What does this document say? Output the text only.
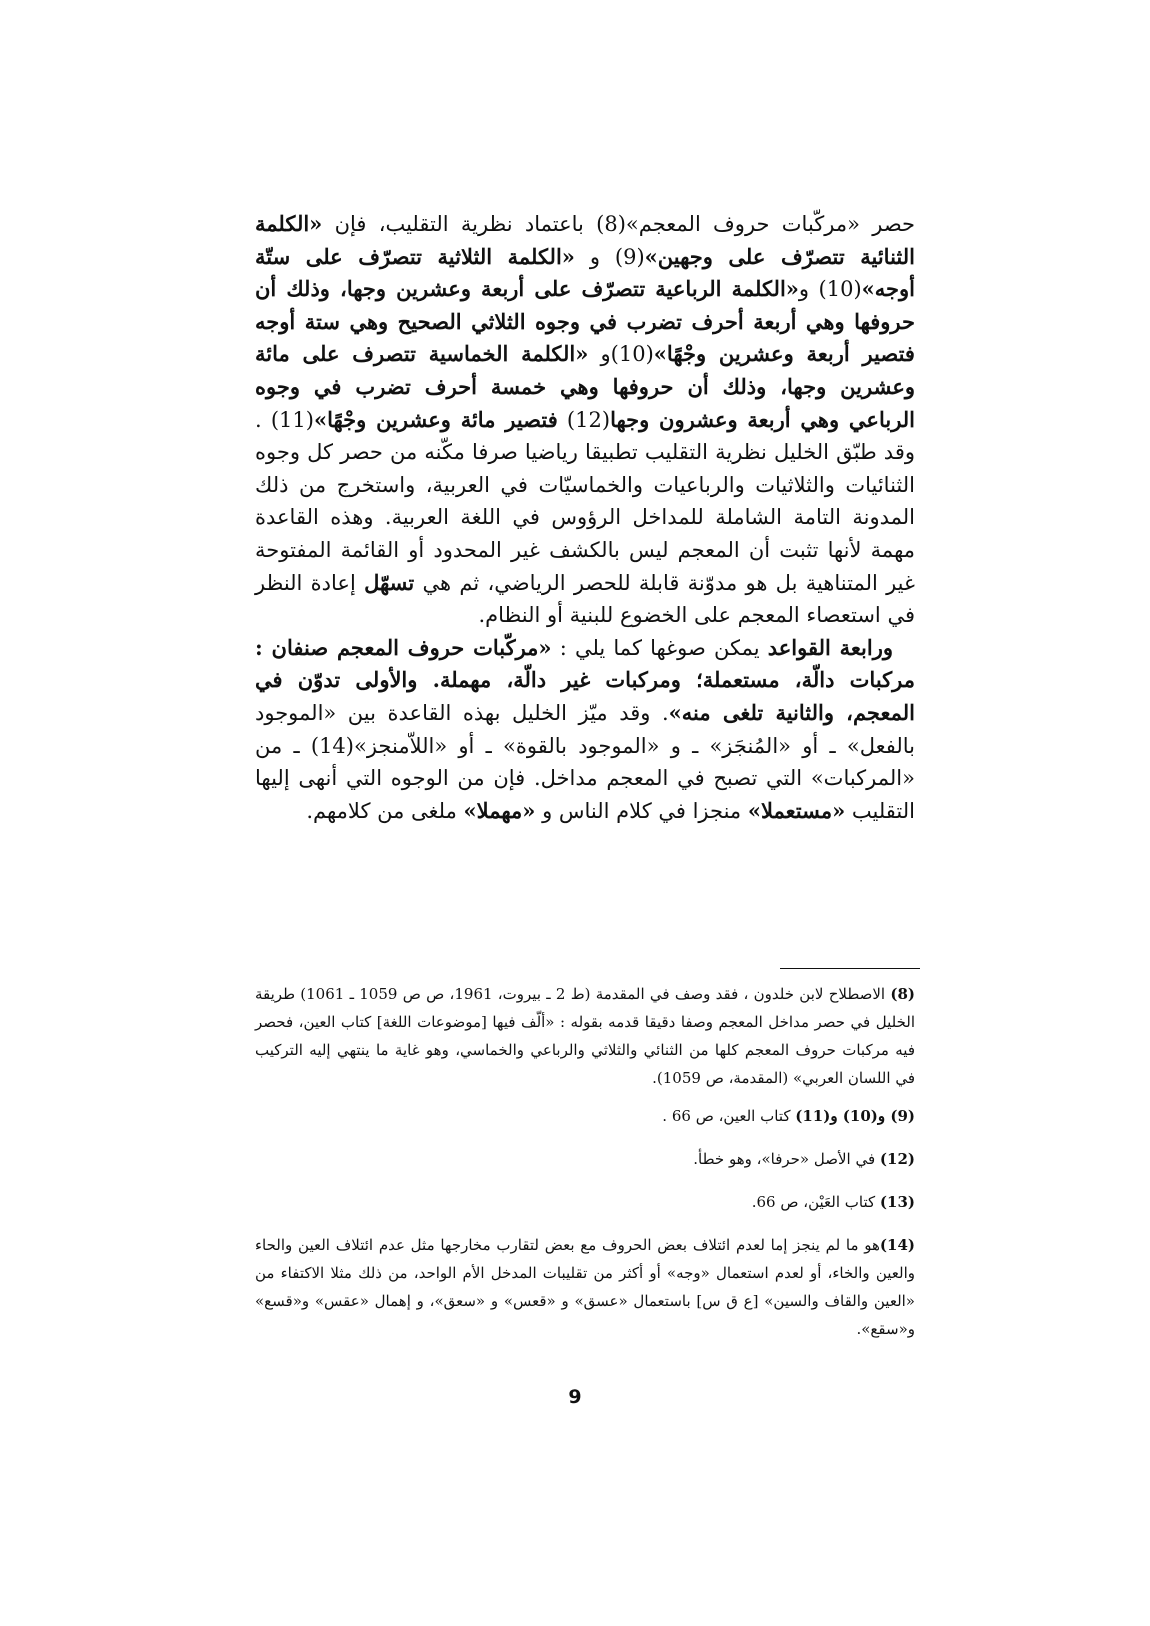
حصر «مركّبات حروف المعجم»(8) باعتماد نظرية التقليب، فإن «الكلمة الثنائية تتصرّف على وجهين»(9) و «الكلمة الثلاثية تتصرّف على ستّة أوجه»(10) و«الكلمة الرباعية تتصرّف على أربعة وعشرين وجها، وذلك أن حروفها وهي أربعة أحرف تضرب في وجوه الثلاثي الصحيح وهي ستة أوجه فتصير أربعة وعشرين وجْهًا»(10)و «الكلمة الخماسية تتصرف على مائة وعشرين وجها، وذلك أن حروفها وهي خمسة أحرف تضرب في وجوه الرباعي وهي أربعة وعشرون وجها(12) فتصير مائة وعشرين وجْهًا»(11) . وقد طبّق الخليل نظرية التقليب تطبيقا رياضيا صرفا مكّنه من حصر كل وجوه الثنائيات والثلاثيات والرباعيات والخماسيّات في العربية، واستخرج من ذلك المدونة التامة الشاملة للمداخل الرؤوس في اللغة العربية. وهذه القاعدة مهمة لأنها تثبت أن المعجم ليس بالكشف غير المحدود أو القائمة المفتوحة غير المتناهية بل هو مدوّنة قابلة للحصر الرياضي، ثم هي تسهّل إعادة النظر في استعصاء المعجم على الخضوع للبنية أو النظام.

ورابعة القواعد يمكن صوغها كما يلي : «مركّبات حروف المعجم صنفان : مركبات دالّة، مستعملة؛ ومركبات غير دالّة، مهملة. والأولى تدوّن في المعجم، والثانية تلغى منه». وقد ميّز الخليل بهذه القاعدة بين «الموجود بالفعل» ـ أو «المُنجَز» ـ و «الموجود بالقوة» ـ أو «اللاّمنجز»(14) ـ من «المركبات» التي تصبح في المعجم مداخل. فإن من الوجوه التي أنهى إليها التقليب «مستعملا» منجزا في كلام الناس و «مهملا» ملغى من كلامهم.

(8) الاصطلاح لابن خلدون ، فقد وصف في المقدمة (ط 2 ـ بيروت، 1961، ص ص 1059 ـ 1061) طريقة الخليل في حصر مداخل المعجم وصفا دقيقا قدمه بقوله : «ألّف فيها [موضوعات اللغة] كتاب العين، فحصر فيه مركبات حروف المعجم كلها من الثنائي والثلاثي والرباعي والخماسي، وهو غاية ما ينتهي إليه التركيب في اللسان العربي» (المقدمة، ص 1059).

(9) و(10) و(11) كتاب العين، ص 66 .

(12) في الأصل «حرفا»، وهو خطأ.

(13) كتاب العَيْن، ص 66.

(14)هو ما لم ينجز إما لعدم ائتلاف بعض الحروف مع بعض لتقارب مخارجها مثل عدم ائتلاف العين والحاء والعين والخاء، أو لعدم استعمال «وجه» أو أكثر من تقليبات المدخل الأم الواحد، من ذلك مثلا الاكتفاء من «العين والقاف والسين» [ع ق س] باستعمال «عسق» و «قعس» و «سعق»، و إهمال «عقس» و«قسع» و«سقع».

9
